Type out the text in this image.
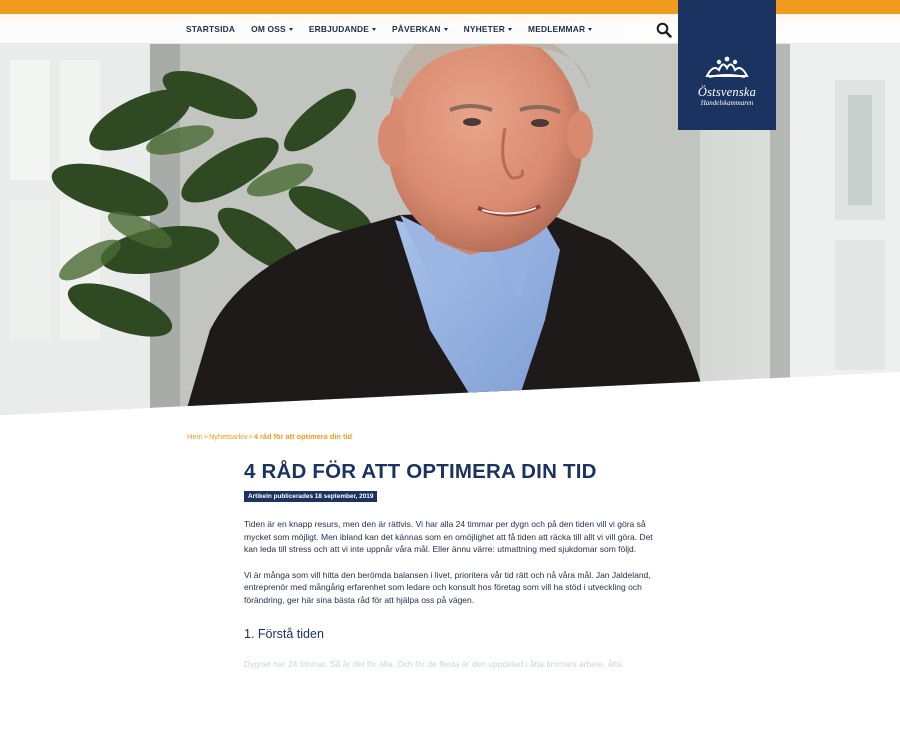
STARTSIDA OM OSS	ERBJUDANDE	PÅVERKAN	NYHETER	MEDLEMMAR
Östsvenska
Handelskammaren
Hem>Nyhetsarkiv>4 råd för att optimera din tid
4 RÅD FÖR ATT OPTIMERA DIN TID
Artikeln publicerades 18 september, 2019

Tiden är en knapp resurs, men den är rättvis. Vi har alla 24 timmar per dygn och på den tiden vill vi göra så mycket som möjligt. Men ibland kan det kännas som en omöjlighet att få tiden att räcka till allt vi vill göra. Det kan leda till stress och att vi inte uppnår våra mål. Eller ännu värre: utmattning med sjukdomar som följd.

Vi är många som vill hitta den berömda balansen i livet, prioritera vår tid rätt och nå våra mål. Jan Jaldeland, entreprenör med mångårig erfarenhet som ledare och konsult hos företag som vill ha stöd i utveckling och förändring, ger här sina bästa råd för att hjälpa oss på vägen.

1. Förstå tiden
